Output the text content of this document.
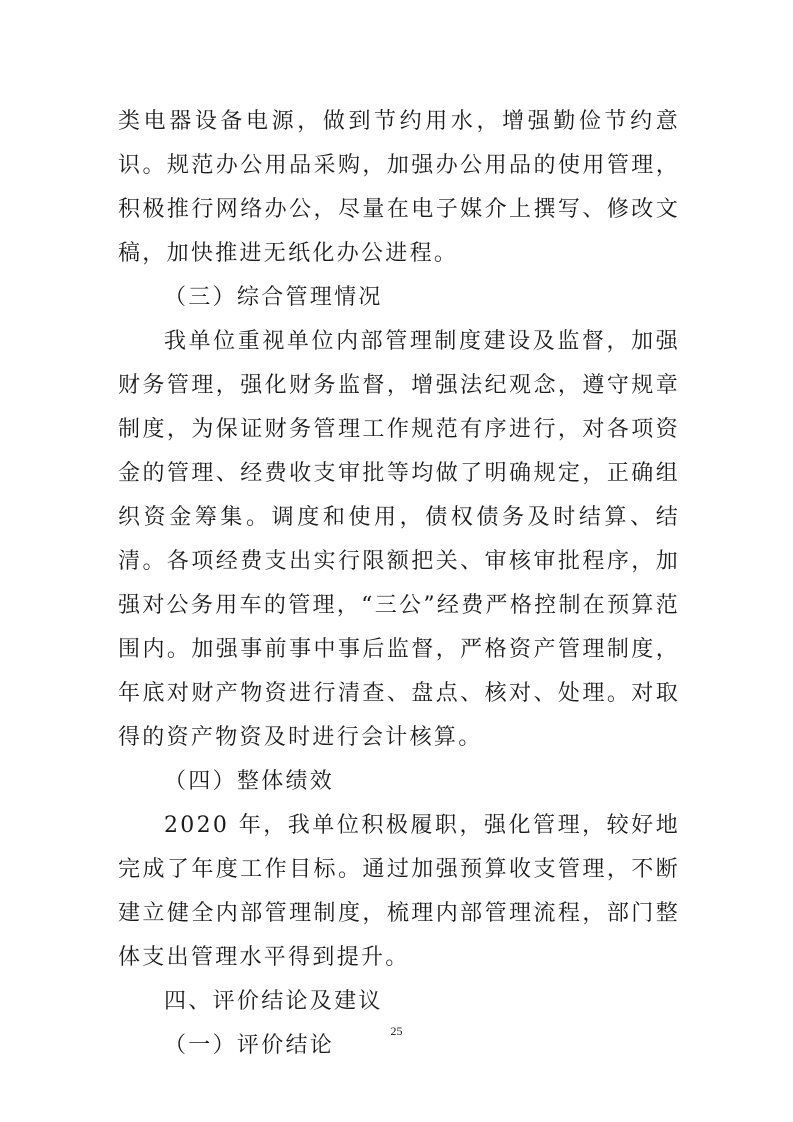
类电器设备电源，做到节约用水，增强勤俭节约意识。规范办公用品采购，加强办公用品的使用管理，积极推行网络办公，尽量在电子媒介上撰写、修改文稿，加快推进无纸化办公进程。

（三）综合管理情况

我单位重视单位内部管理制度建设及监督，加强财务管理，强化财务监督，增强法纪观念，遵守规章制度，为保证财务管理工作规范有序进行，对各项资金的管理、经费收支审批等均做了明确规定，正确组织资金筹集。调度和使用，债权债务及时结算、结清。各项经费支出实行限额把关、审核审批程序，加强对公务用车的管理，“三公”经费严格控制在预算范围内。加强事前事中事后监督，严格资产管理制度，年底对财产物资进行清查、盘点、核对、处理。对取得的资产物资及时进行会计核算。

（四）整体绩效

2020 年，我单位积极履职，强化管理，较好地完成了年度工作目标。通过加强预算收支管理，不断建立健全内部管理制度，梳理内部管理流程，部门整体支出管理水平得到提升。

四、评价结论及建议

（一）评价结论

25
